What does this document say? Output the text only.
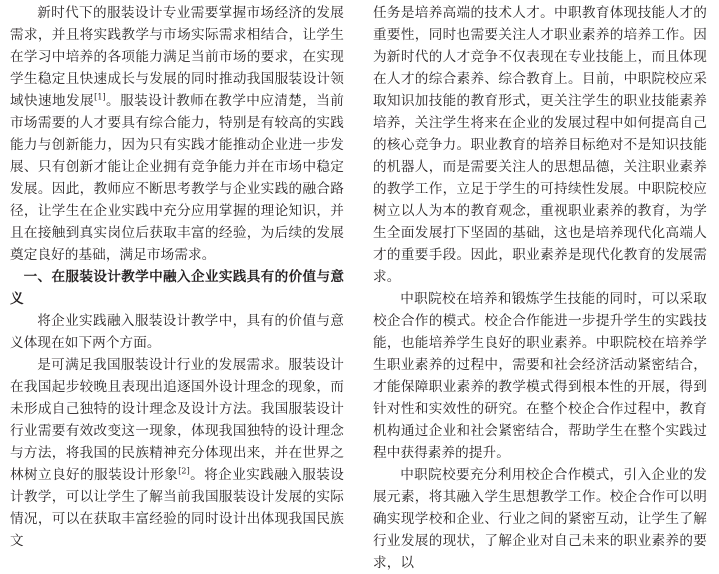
新时代下的服装设计专业需要掌握市场经济的发展需求，并且将实践教学与市场实际需求相结合，让学生在学习中培养的各项能力满足当前市场的要求，在实现学生稳定且快速成长与发展的同时推动我国服装设计领域快速地发展[1]。服装设计教师在教学中应清楚，当前市场需要的人才要具有综合能力，特别是有较高的实践能力与创新能力，因为只有实践才能推动企业进一步发展、只有创新才能让企业拥有竞争能力并在市场中稳定发展。因此，教师应不断思考教学与企业实践的融合路径，让学生在企业实践中充分应用掌握的理论知识，并且在接触到真实岗位后获取丰富的经验，为后续的发展奠定良好的基础，满足市场需求。

一、在服装设计教学中融入企业实践具有的价值与意义

将企业实践融入服装设计教学中，具有的价值与意义体现在如下两个方面。

是可满足我国服装设计行业的发展需求。服装设计在我国起步较晚且表现出追逐国外设计理念的现象，而未形成自己独特的设计理念及设计方法。我国服装设计行业需要有效改变这一现象，体现我国独特的设计理念与方法，将我国的民族精神充分体现出来，并在世界之林树立良好的服装设计形象[2]。将企业实践融入服装设计教学，可以让学生了解当前我国服装设计发展的实际情况，可以在获取丰富经验的同时设计出体现我国民族文

任务是培养高端的技术人才。中职教育体现技能人才的重要性，同时也需要关注人才职业素养的培养工作。因为新时代的人才竞争不仅表现在专业技能上，而且体现在人才的综合素养、综合教育上。目前，中职院校应采取知识加技能的教育形式，更关注学生的职业技能素养培养，关注学生将来在企业的发展过程中如何提高自己的核心竞争力。职业教育的培养目标绝对不是知识技能的机器人，而是需要关注人的思想品德，关注职业素养的教学工作，立足于学生的可持续性发展。中职院校应树立以人为本的教育观念，重视职业素养的教育，为学生全面发展打下坚固的基础，这也是培养现代化高端人才的重要手段。因此，职业素养是现代化教育的发展需求。

中职院校在培养和锻炼学生技能的同时，可以采取校企合作的模式。校企合作能进一步提升学生的实践技能，也能培养学生良好的职业素养。中职院校在培养学生职业素养的过程中，需要和社会经济活动紧密结合，才能保障职业素养的教学模式得到根本性的开展，得到针对性和实效性的研究。在整个校企合作过程中，教育机构通过企业和社会紧密结合，帮助学生在整个实践过程中获得素养的提升。

中职院校要充分利用校企合作模式，引入企业的发展元素，将其融入学生思想教学工作。校企合作可以明确实现学校和企业、行业之间的紧密互动，让学生了解行业发展的现状，了解企业对自己未来的职业素养的要求，以
